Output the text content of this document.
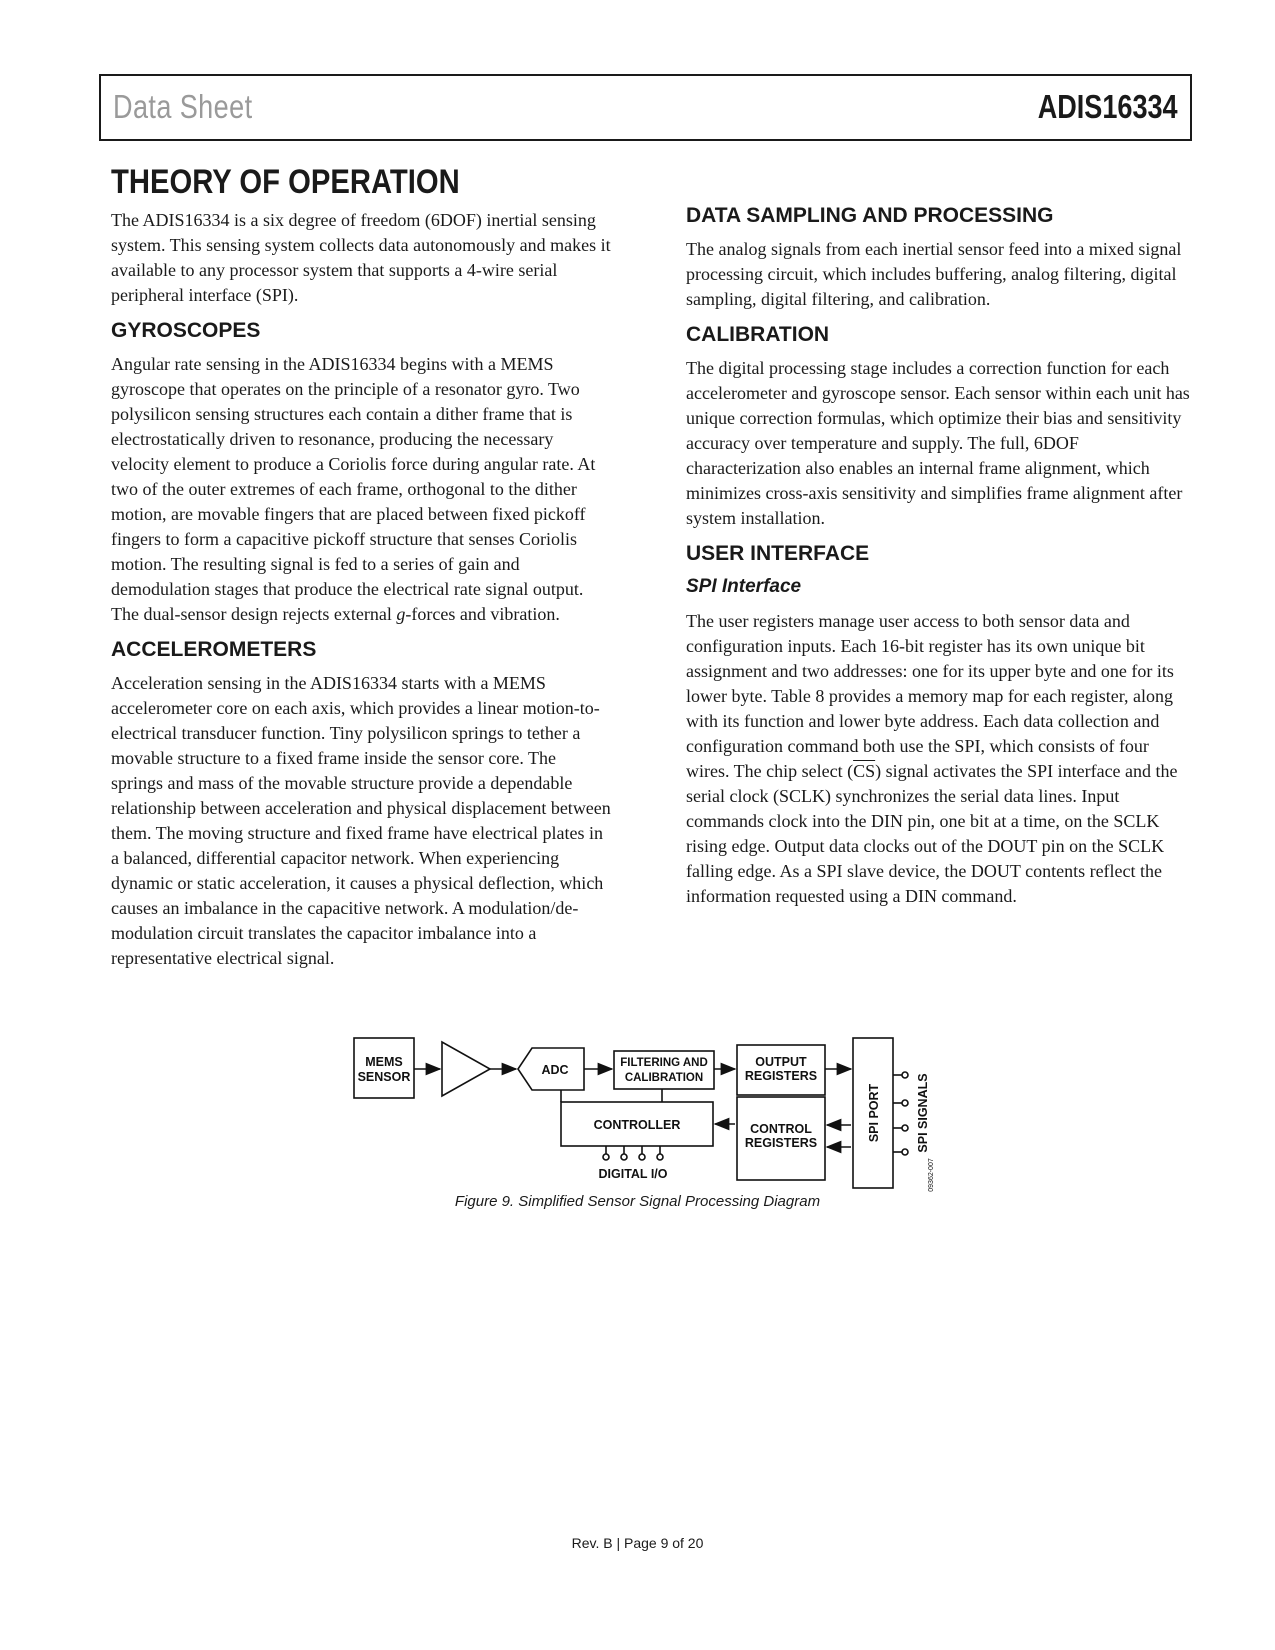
Data Sheet	ADIS16334
THEORY OF OPERATION

The ADIS16334 is a six degree of freedom (6DOF) inertial sensing system. This sensing system collects data autonomously and makes it available to any processor system that supports a 4-wire serial peripheral interface (SPI).

GYROSCOPES

Angular rate sensing in the ADIS16334 begins with a MEMS gyroscope that operates on the principle of a resonator gyro. Two polysilicon sensing structures each contain a dither frame that is electrostatically driven to resonance, producing the necessary velocity element to produce a Coriolis force during angular rate. At two of the outer extremes of each frame, orthogonal to the dither motion, are movable fingers that are placed between fixed pickoff fingers to form a capacitive pickoff structure that senses Coriolis motion. The resulting signal is fed to a series of gain and demodulation stages that produce the electrical rate signal output. The dual-sensor design rejects external g-forces and vibration.

ACCELEROMETERS

Acceleration sensing in the ADIS16334 starts with a MEMS accelerometer core on each axis, which provides a linear motion-to-electrical transducer function. Tiny polysilicon springs to tether a movable structure to a fixed frame inside the sensor core. The springs and mass of the movable structure provide a dependable relationship between acceleration and physical displacement between them. The moving structure and fixed frame have electrical plates in a balanced, differential capacitor network. When experiencing dynamic or static acceleration, it causes a physical deflection, which causes an imbalance in the capacitive network. A modulation/de-modulation circuit translates the capacitor imbalance into a representative electrical signal.

DATA SAMPLING AND PROCESSING

The analog signals from each inertial sensor feed into a mixed signal processing circuit, which includes buffering, analog filtering, digital sampling, digital filtering, and calibration.

CALIBRATION

The digital processing stage includes a correction function for each accelerometer and gyroscope sensor. Each sensor within each unit has unique correction formulas, which optimize their bias and sensitivity accuracy over temperature and supply. The full, 6DOF characterization also enables an internal frame alignment, which minimizes cross-axis sensitivity and simplifies frame alignment after system installation.

USER INTERFACE
SPI Interface

The user registers manage user access to both sensor data and configuration inputs. Each 16-bit register has its own unique bit assignment and two addresses: one for its upper byte and one for its lower byte. Table 8 provides a memory map for each register, along with its function and lower byte address. Each data collection and configuration command both use the SPI, which consists of four wires. The chip select $(\overline{CS})$ signal activates the SPI interface and the serial clock (SCLK) synchronizes the serial data lines. Input commands clock into the DIN pin, one bit at a time, on the SCLK rising edge. Output data clocks out of the DOUT pin on the SCLK falling edge. As a SPI slave device, the DOUT contents reflect the information requested using a DIN command.

MEMS
SENSOR	ADC	FILTERING AND
CALIBRATION
OUTPUT
REGISTERS
CONTROL
REGISTERS
CONTROLLER
DIGITAL I/O
SPI PORT	SPI SIGNALS
09362-007
Figure 9. Simplified Sensor Signal Processing Diagram
Rev. B | Page 9 of 20
